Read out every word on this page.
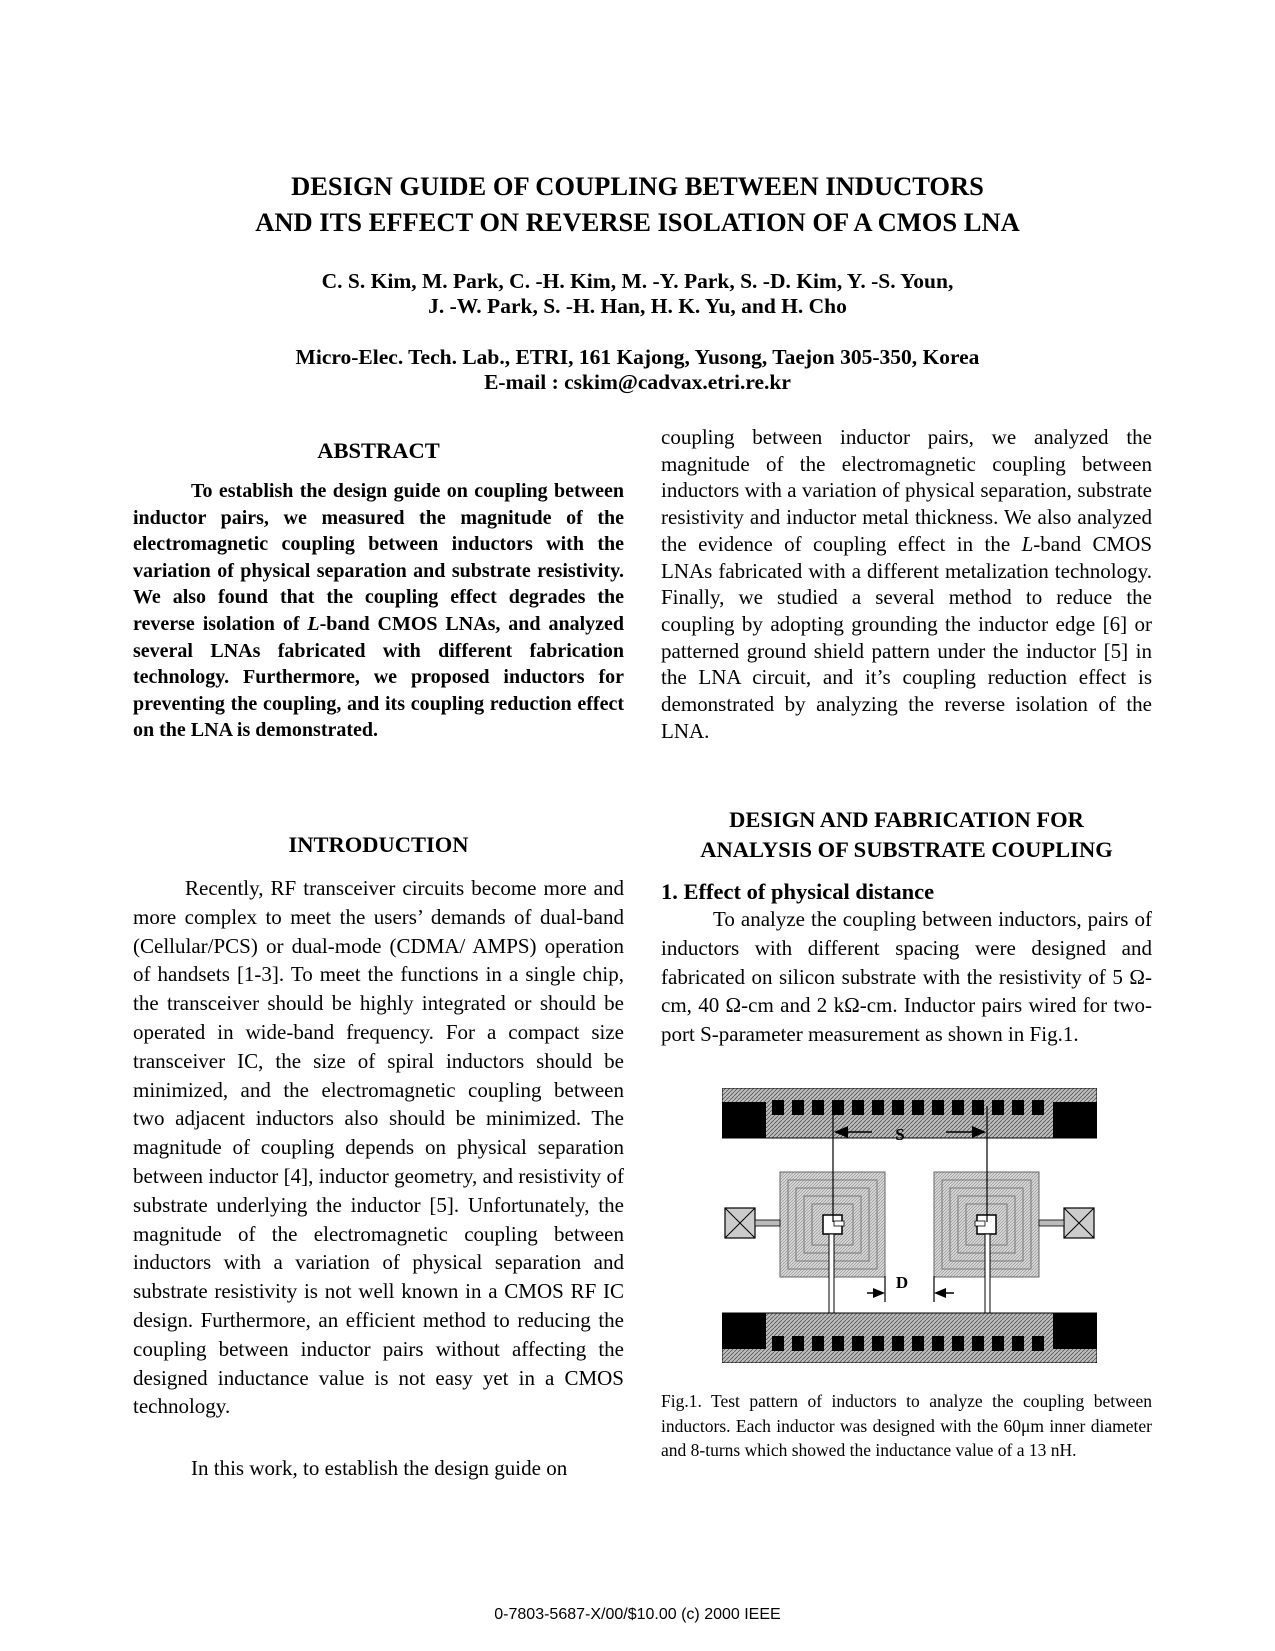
DESIGN GUIDE OF COUPLING BETWEEN INDUCTORS
AND ITS EFFECT ON REVERSE ISOLATION OF A CMOS LNA
C. S. Kim, M. Park, C. -H. Kim, M. -Y. Park, S. -D. Kim, Y. -S. Youn,
J. -W. Park, S. -H. Han, H. K. Yu, and H. Cho
Micro-Elec. Tech. Lab., ETRI, 161 Kajong, Yusong, Taejon 305-350, Korea
E-mail : cskim@cadvax.etri.re.kr
ABSTRACT
To establish the design guide on coupling between inductor pairs, we measured the magnitude of the electromagnetic coupling between inductors with the variation of physical separation and substrate resistivity. We also found that the coupling effect degrades the reverse isolation of L-band CMOS LNAs, and analyzed several LNAs fabricated with different fabrication technology. Furthermore, we proposed inductors for preventing the coupling, and its coupling reduction effect on the LNA is demonstrated.
INTRODUCTION
Recently, RF transceiver circuits become more and more complex to meet the users’ demands of dual-band (Cellular/PCS) or dual-mode (CDMA/ AMPS) operation of handsets [1-3]. To meet the functions in a single chip, the transceiver should be highly integrated or should be operated in wide-band frequency. For a compact size transceiver IC, the size of spiral inductors should be minimized, and the electromagnetic coupling between two adjacent inductors also should be minimized. The magnitude of coupling depends on physical separation between inductor [4], inductor geometry, and resistivity of substrate underlying the inductor [5]. Unfortunately, the magnitude of the electromagnetic coupling between inductors with a variation of physical separation and substrate resistivity is not well known in a CMOS RF IC design. Furthermore, an efficient method to reducing the coupling between inductor pairs without affecting the designed inductance value is not easy yet in a CMOS technology.
In this work, to establish the design guide on
coupling between inductor pairs, we analyzed the magnitude of the electromagnetic coupling between inductors with a variation of physical separation, substrate resistivity and inductor metal thickness. We also analyzed the evidence of coupling effect in the L-band CMOS LNAs fabricated with a different metalization technology. Finally, we studied a several method to reduce the coupling by adopting grounding the inductor edge [6] or patterned ground shield pattern under the inductor [5] in the LNA circuit, and it’s coupling reduction effect is demonstrated by analyzing the reverse isolation of the LNA.
DESIGN AND FABRICATION FOR
ANALYSIS OF SUBSTRATE COUPLING
1. Effect of physical distance
To analyze the coupling between inductors, pairs of inductors with different spacing were designed and fabricated on silicon substrate with the resistivity of 5 Ω-cm, 40 Ω-cm and 2 kΩ-cm. Inductor pairs wired for two-port S-parameter measurement as shown in Fig.1.
S
D
Fig.1. Test pattern of inductors to analyze the coupling between inductors. Each inductor was designed with the 60μm inner diameter and 8-turns which showed the inductance value of a 13 nH.
0-7803-5687-X/00/$10.00 (c) 2000 IEEE
